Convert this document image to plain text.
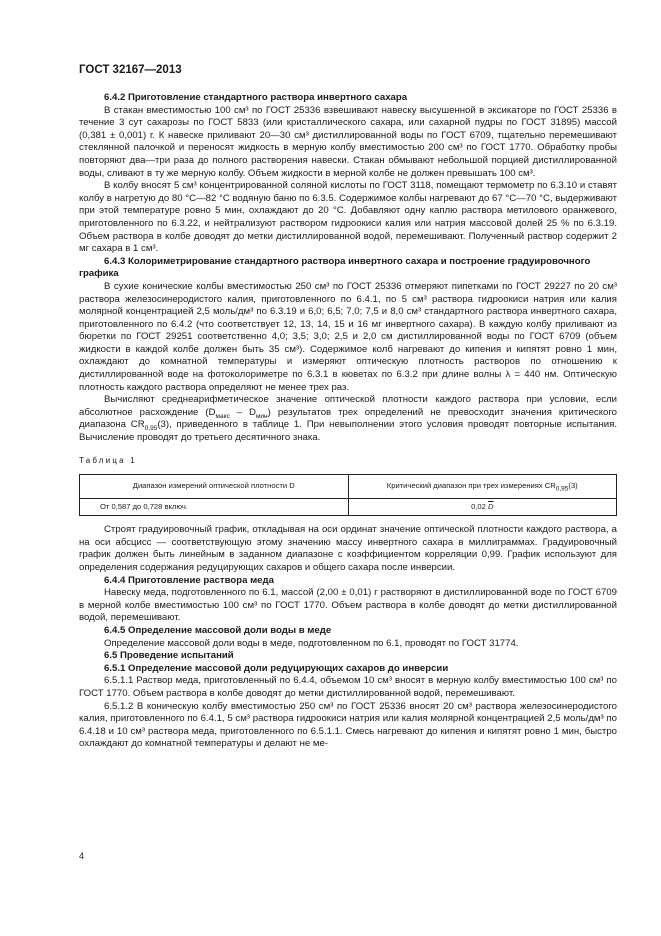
ГОСТ 32167—2013

6.4.2 Приготовление стандартного раствора инвертного сахара

В стакан вместимостью 100 см³ по ГОСТ 25336 взвешивают навеску высушенной в эксикаторе по ГОСТ 25336 в течение 3 сут сахарозы по ГОСТ 5833 (или кристаллического сахара, или сахарной пудры по ГОСТ 31895) массой (0,381 ± 0,001) г. К навеске приливают 20—30 см³ дистиллированной воды по ГОСТ 6709, тщательно перемешивают стеклянной палочкой и переносят жидкость в мерную колбу вместимостью 200 см³ по ГОСТ 1770. Обработку пробы повторяют два—три раза до полного растворения навески. Стакан обмывают небольшой порцией дистиллированной воды, сливают в ту же мерную колбу. Объем жидкости в мерной колбе не должен превышать 100 см³.

В колбу вносят 5 см³ концентрированной соляной кислоты по ГОСТ 3118, помещают термометр по 6.3.10 и ставят колбу в нагретую до 80 °С—82 °С водяную баню по 6.3.5. Содержимое колбы нагревают до 67 °С—70 °С, выдерживают при этой температуре ровно 5 мин, охлаждают до 20 °С. Добавляют одну каплю раствора метилового оранжевого, приготовленного по 6.3.22, и нейтрализуют раствором гидроокиси калия или натрия массовой долей 25 % по 6.3.19. Объем раствора в колбе доводят до метки дистиллированной водой, перемешивают. Полученный раствор содержит 2 мг сахара в 1 см³.

6.4.3 Колориметрирование стандартного раствора инвертного сахара и построение градуировочного графика

В сухие конические колбы вместимостью 250 см³ по ГОСТ 25336 отмеряют пипетками по ГОСТ 29227 по 20 см³ раствора железосинеродистого калия, приготовленного по 6.4.1, по 5 см³ раствора гидроокиси натрия или калия молярной концентрацией 2,5 моль/дм³ по 6.3.19 и 6,0; 6,5; 7,0; 7,5 и 8,0 см³ стандартного раствора инвертного сахара, приготовленного по 6.4.2 (что соответствует 12, 13, 14, 15 и 16 мг инвертного сахара). В каждую колбу приливают из бюретки по ГОСТ 29251 соответственно 4,0; 3,5; 3,0; 2,5 и 2,0 см дистиллированной воды по ГОСТ 6709 (объем жидкости в каждой колбе должен быть 35 см³). Содержимое колб нагревают до кипения и кипятят ровно 1 мин, охлаждают до комнатной температуры и измеряют оптическую плотность растворов по отношению к дистиллированной воде на фотоколориметре по 6.3.1 в кюветах по 6.3.2 при длине волны λ = 440 нм. Оптическую плотность каждого раствора определяют не менее трех раз.

Вычисляют среднеарифметическое значение оптической плотности каждого раствора при условии, если абсолютное расхождение $(D_{макс} - D_{мин})$ результатов трех определений не превосходит значения критического диапазона $CR_{0,95}(3)$, приведенного в таблице 1. При невыполнении этого условия проводят повторные испытания. Вычисление проводят до третьего десятичного знака.

Таблица 1

Диапазон измерений оптической плотности D	Критический диапазон при трех измерениях $CR_{0,95}(3)$
От 0,587 до 0,728 включ.	0,02 $\overline{D}$

Строят градуировочный график, откладывая на оси ординат значение оптической плотности каждого раствора, а на оси абсцисс — соответствующую этому значению массу инвертного сахара в миллиграммах. Градуировочный график должен быть линейным в заданном диапазоне с коэффициентом корреляции 0,99. График используют для определения содержания редуцирующих сахаров и общего сахара после инверсии.

6.4.4 Приготовление раствора меда

Навеску меда, подготовленного по 6.1, массой (2,00 ± 0,01) г растворяют в дистиллированной воде по ГОСТ 6709 в мерной колбе вместимостью 100 см³ по ГОСТ 1770. Объем раствора в колбе доводят до метки дистиллированной водой, перемешивают.

6.4.5 Определение массовой доли воды в меде

Определение массовой доли воды в меде, подготовленном по 6.1, проводят по ГОСТ 31774.

6.5 Проведение испытаний

6.5.1 Определение массовой доли редуцирующих сахаров до инверсии

6.5.1.1 Раствор меда, приготовленный по 6.4.4, объемом 10 см³ вносят в мерную колбу вместимостью 100 см³ по ГОСТ 1770. Объем раствора в колбе доводят до метки дистиллированной водой, перемешивают.

6.5.1.2 В коническую колбу вместимостью 250 см³ по ГОСТ 25336 вносят 20 см³ раствора железосинеродистого калия, приготовленного по 6.4.1, 5 см³ раствора гидроокиси натрия или калия молярной концентрацией 2,5 моль/дм³ по 6.4.18 и 10 см³ раствора меда, приготовленного по 6.5.1.1. Смесь нагревают до кипения и кипятят ровно 1 мин, быстро охлаждают до комнатной температуры и делают не ме-

4
